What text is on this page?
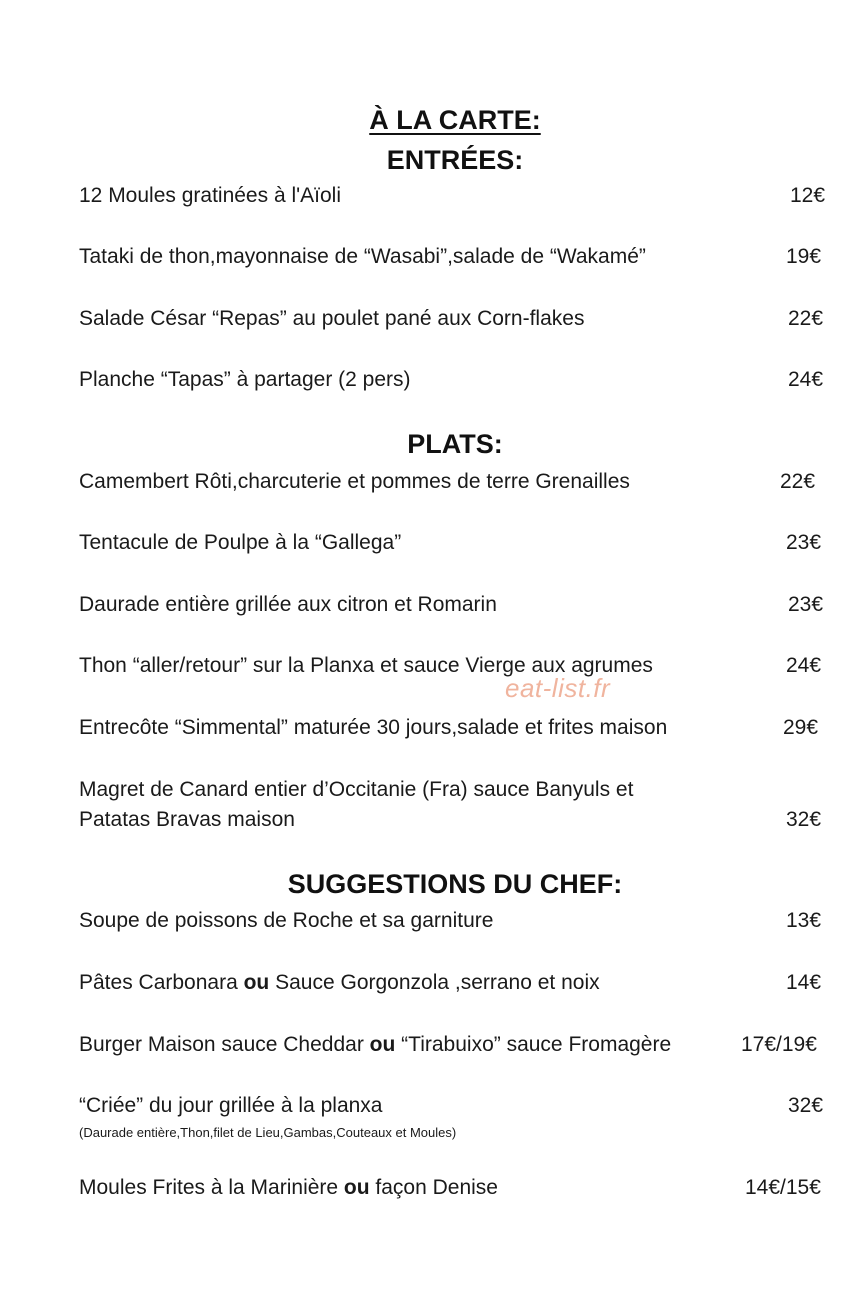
À LA CARTE:
ENTRÉES:
12 Moules gratinées à l'Aïoli	12€
Tataki de thon,mayonnaise de “Wasabi”,salade de “Wakamé”	19€
Salade César “Repas” au poulet pané aux Corn-flakes	22€
Planche “Tapas” à partager (2 pers)	24€
PLATS:
Camembert Rôti,charcuterie et pommes de terre Grenailles	22€
Tentacule de Poulpe à la “Gallega”	23€
Daurade entière grillée aux citron et Romarin	23€
Thon “aller/retour” sur la Planxa et sauce Vierge aux agrumes	24€
Entrecôte “Simmental” maturée 30 jours,salade et frites maison	29€
Magret de Canard entier d’Occitanie (Fra) sauce Banyuls et
Patatas Bravas maison	32€
SUGGESTIONS DU CHEF:
Soupe de poissons de Roche et sa garniture	13€
Pâtes Carbonara ou Sauce Gorgonzola ,serrano et noix	14€
Burger Maison sauce Cheddar ou “Tirabuixo” sauce Fromagère	17€/19€
“Criée” du jour grillée à la planxa	32€
(Daurade entière,Thon,filet de Lieu,Gambas,Couteaux et Moules)
Moules Frites à la Marinière ou façon Denise	14€/15€
eat-list.fr
